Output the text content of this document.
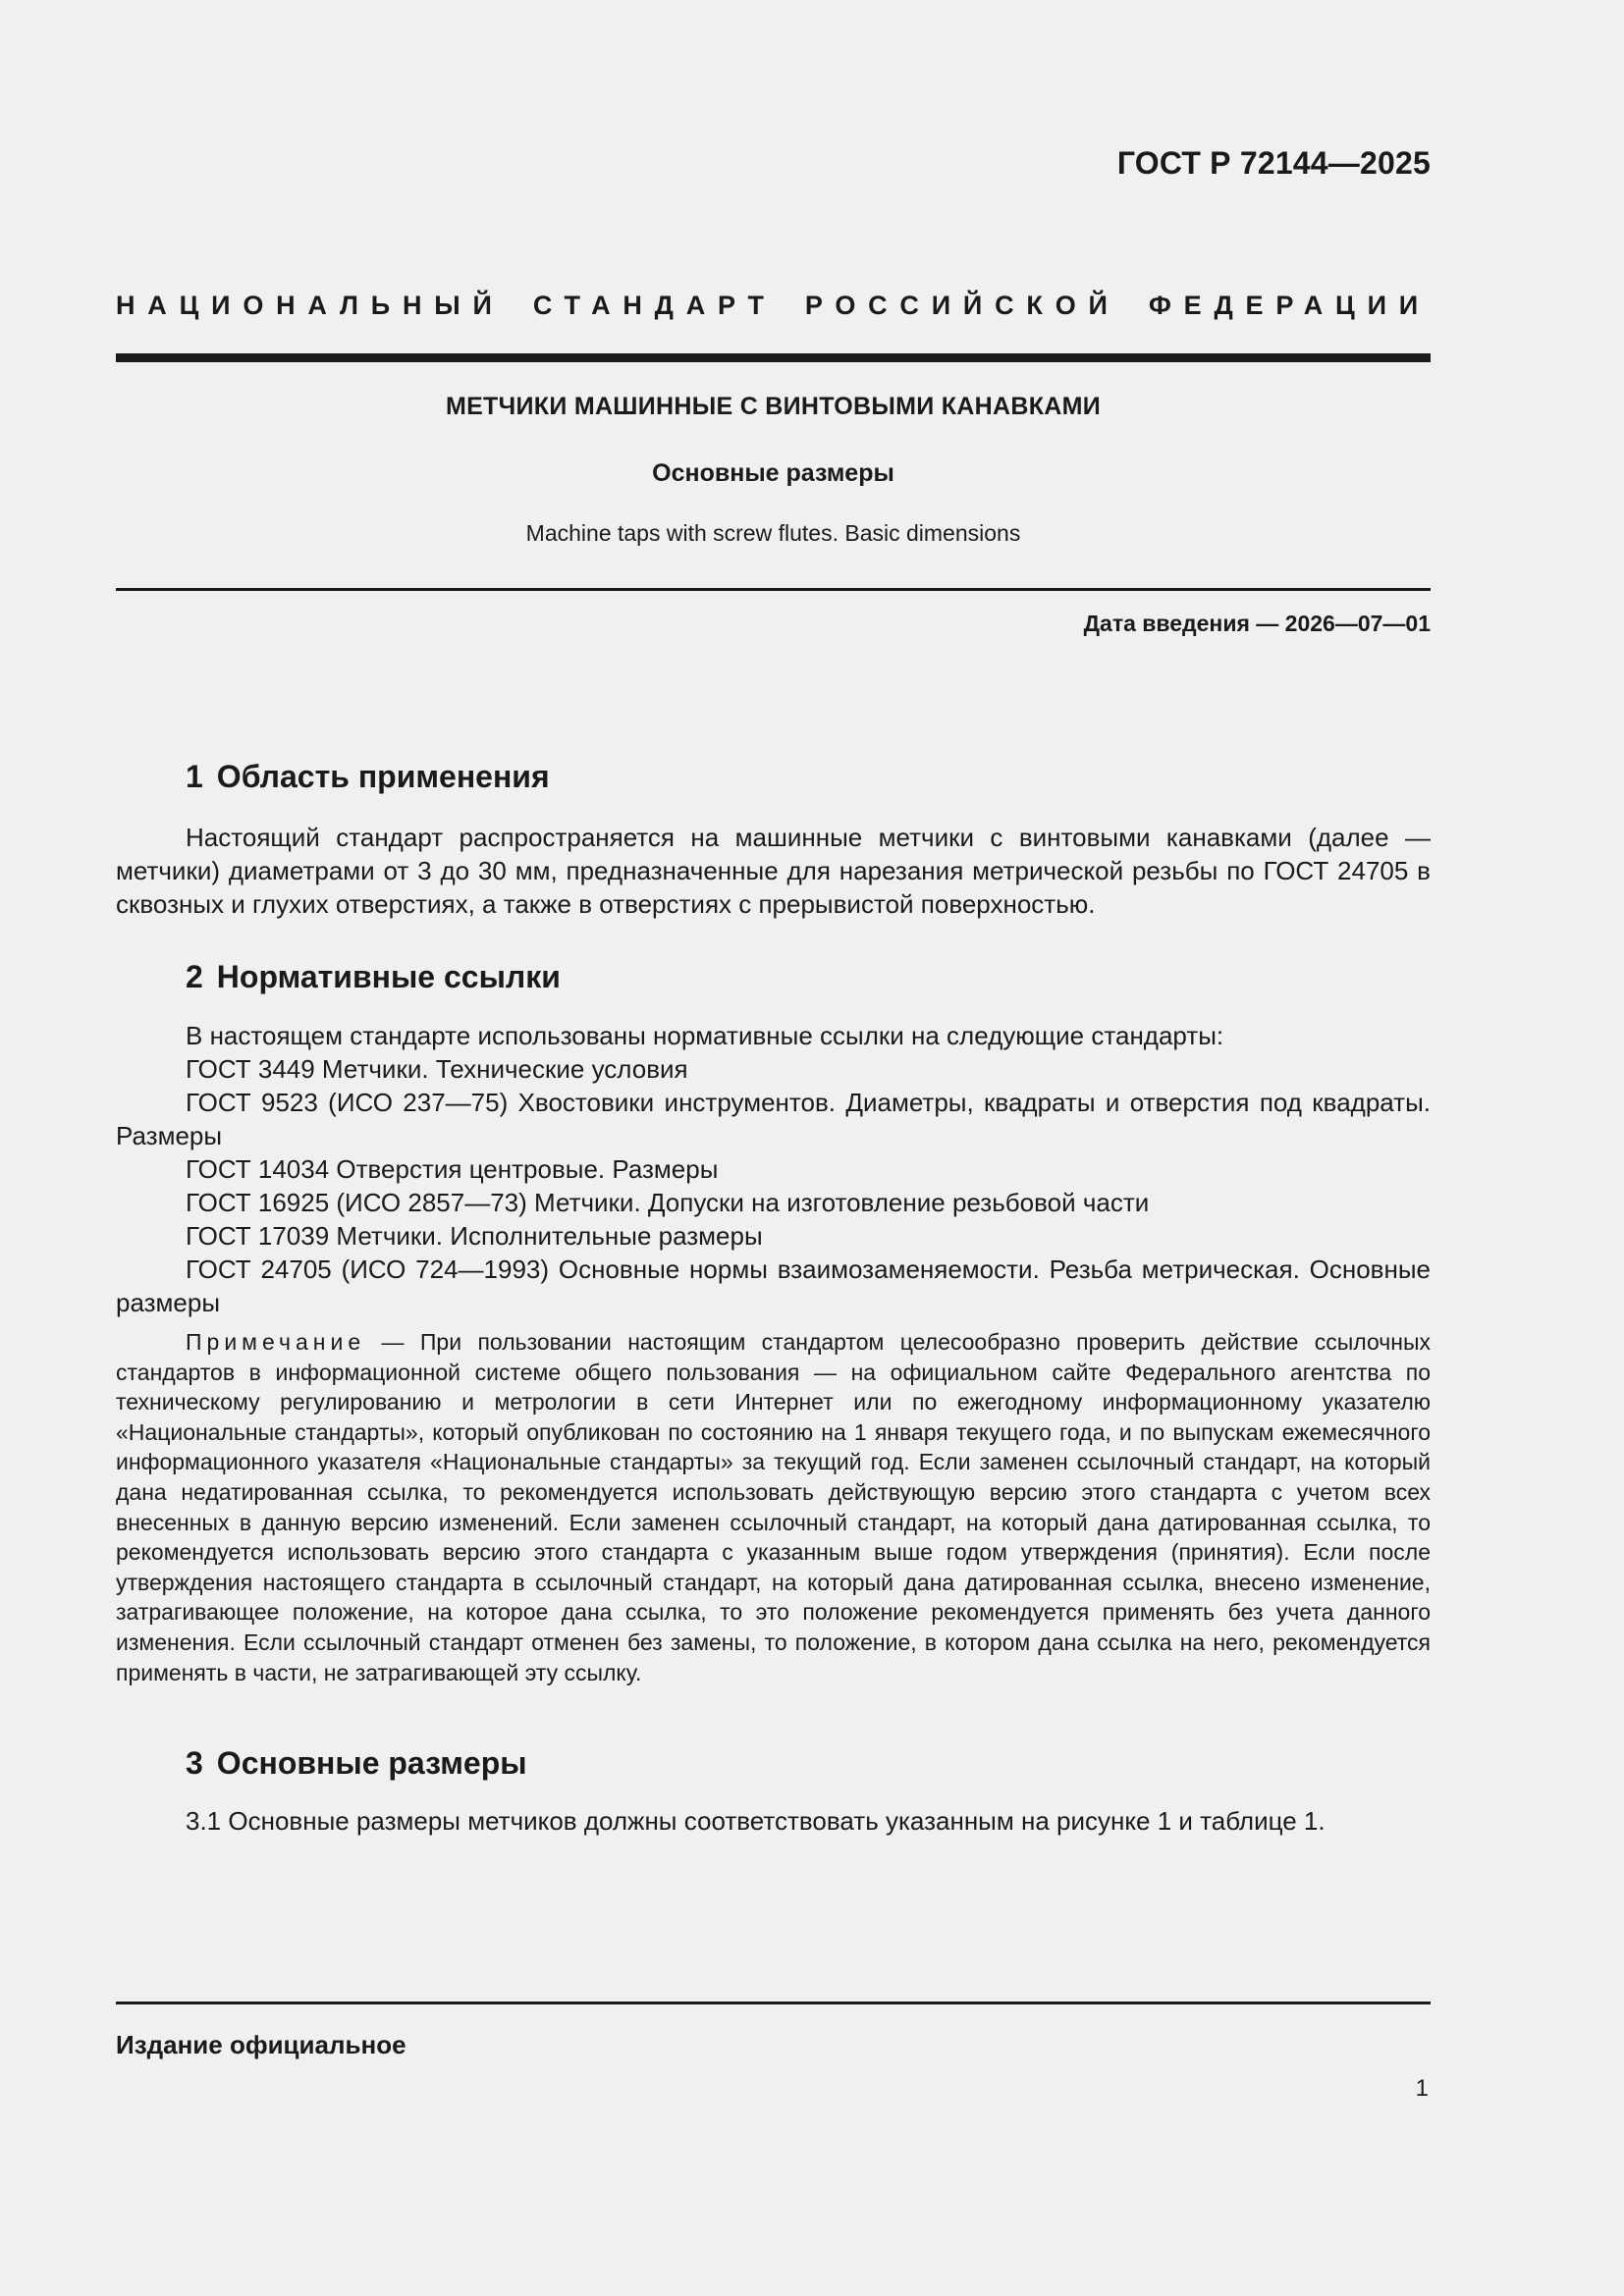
ГОСТ Р 72144—2025
НАЦИОНАЛЬНЫЙ СТАНДАРТ РОССИЙСКОЙ ФЕДЕРАЦИИ
МЕТЧИКИ МАШИННЫЕ С ВИНТОВЫМИ КАНАВКАМИ
Основные размеры
Machine taps with screw flutes. Basic dimensions
Дата введения — 2026—07—01
1 Область применения
Настоящий стандарт распространяется на машинные метчики с винтовыми канавками (далее — метчики) диаметрами от 3 до 30 мм, предназначенные для нарезания метрической резьбы по ГОСТ 24705 в сквозных и глухих отверстиях, а также в отверстиях с прерывистой поверхностью.
2 Нормативные ссылки
В настоящем стандарте использованы нормативные ссылки на следующие стандарты:
ГОСТ 3449 Метчики. Технические условия
ГОСТ 9523 (ИСО 237—75) Хвостовики инструментов. Диаметры, квадраты и отверстия под квадраты. Размеры
ГОСТ 14034 Отверстия центровые. Размеры
ГОСТ 16925 (ИСО 2857—73) Метчики. Допуски на изготовление резьбовой части
ГОСТ 17039 Метчики. Исполнительные размеры
ГОСТ 24705 (ИСО 724—1993) Основные нормы взаимозаменяемости. Резьба метрическая. Основные размеры
Примечание — При пользовании настоящим стандартом целесообразно проверить действие ссылочных стандартов в информационной системе общего пользования — на официальном сайте Федерального агентства по техническому регулированию и метрологии в сети Интернет или по ежегодному информационному указателю «Национальные стандарты», который опубликован по состоянию на 1 января текущего года, и по выпускам ежемесячного информационного указателя «Национальные стандарты» за текущий год. Если заменен ссылочный стандарт, на который дана недатированная ссылка, то рекомендуется использовать действующую версию этого стандарта с учетом всех внесенных в данную версию изменений. Если заменен ссылочный стандарт, на который дана датированная ссылка, то рекомендуется использовать версию этого стандарта с указанным выше годом утверждения (принятия). Если после утверждения настоящего стандарта в ссылочный стандарт, на который дана датированная ссылка, внесено изменение, затрагивающее положение, на которое дана ссылка, то это положение рекомендуется применять без учета данного изменения. Если ссылочный стандарт отменен без замены, то положение, в котором дана ссылка на него, рекомендуется применять в части, не затрагивающей эту ссылку.
3 Основные размеры
3.1 Основные размеры метчиков должны соответствовать указанным на рисунке 1 и таблице 1.
Издание официальное
1
